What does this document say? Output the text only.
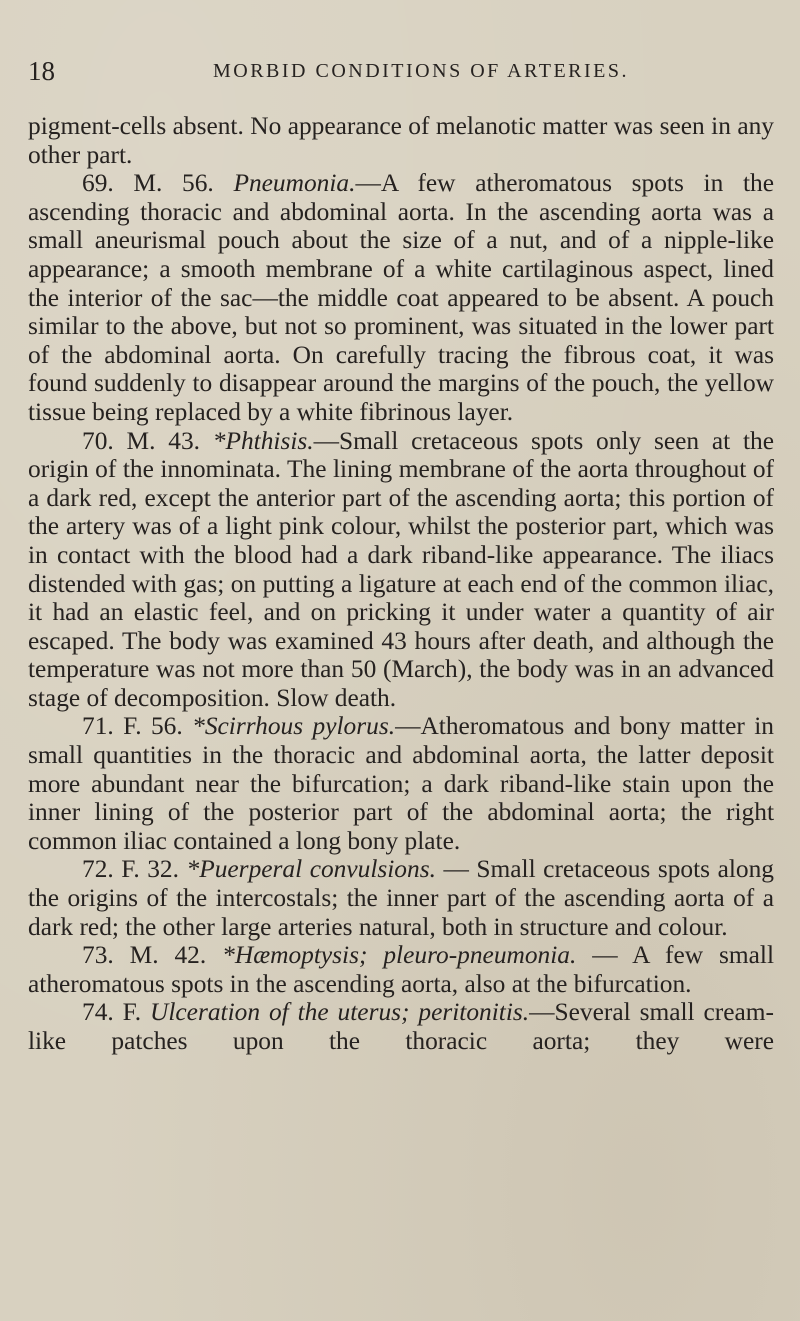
18	MORBID CONDITIONS OF ARTERIES.

pigment-cells absent. No appearance of melanotic matter was seen in any other part.

69. M. 56. Pneumonia.—A few atheromatous spots in the ascending thoracic and abdominal aorta. In the ascending aorta was a small aneurismal pouch about the size of a nut, and of a nipple-like appearance; a smooth membrane of a white cartilaginous aspect, lined the interior of the sac—the middle coat appeared to be absent. A pouch similar to the above, but not so prominent, was situated in the lower part of the abdominal aorta. On carefully tracing the fibrous coat, it was found suddenly to disappear around the margins of the pouch, the yellow tissue being replaced by a white fibrinous layer.

70. M. 43. *Phthisis.—Small cretaceous spots only seen at the origin of the innominata. The lining membrane of the aorta throughout of a dark red, except the anterior part of the ascending aorta; this portion of the artery was of a light pink colour, whilst the posterior part, which was in contact with the blood had a dark riband-like appearance. The iliacs distended with gas; on putting a ligature at each end of the common iliac, it had an elastic feel, and on pricking it under water a quantity of air escaped. The body was examined 43 hours after death, and although the temperature was not more than 50 (March), the body was in an advanced stage of decomposition. Slow death.

71. F. 56. *Scirrhous pylorus.—Atheromatous and bony matter in small quantities in the thoracic and abdominal aorta, the latter deposit more abundant near the bifurcation; a dark riband-like stain upon the inner lining of the posterior part of the abdominal aorta; the right common iliac contained a long bony plate.

72. F. 32. *Puerperal convulsions. — Small cretaceous spots along the origins of the intercostals; the inner part of the ascending aorta of a dark red; the other large arteries natural, both in structure and colour.

73. M. 42. *Hæmoptysis; pleuro-pneumonia. — A few small atheromatous spots in the ascending aorta, also at the bifurcation.

74. F. Ulceration of the uterus; peritonitis.—Several small cream-like patches upon the thoracic aorta; they were
